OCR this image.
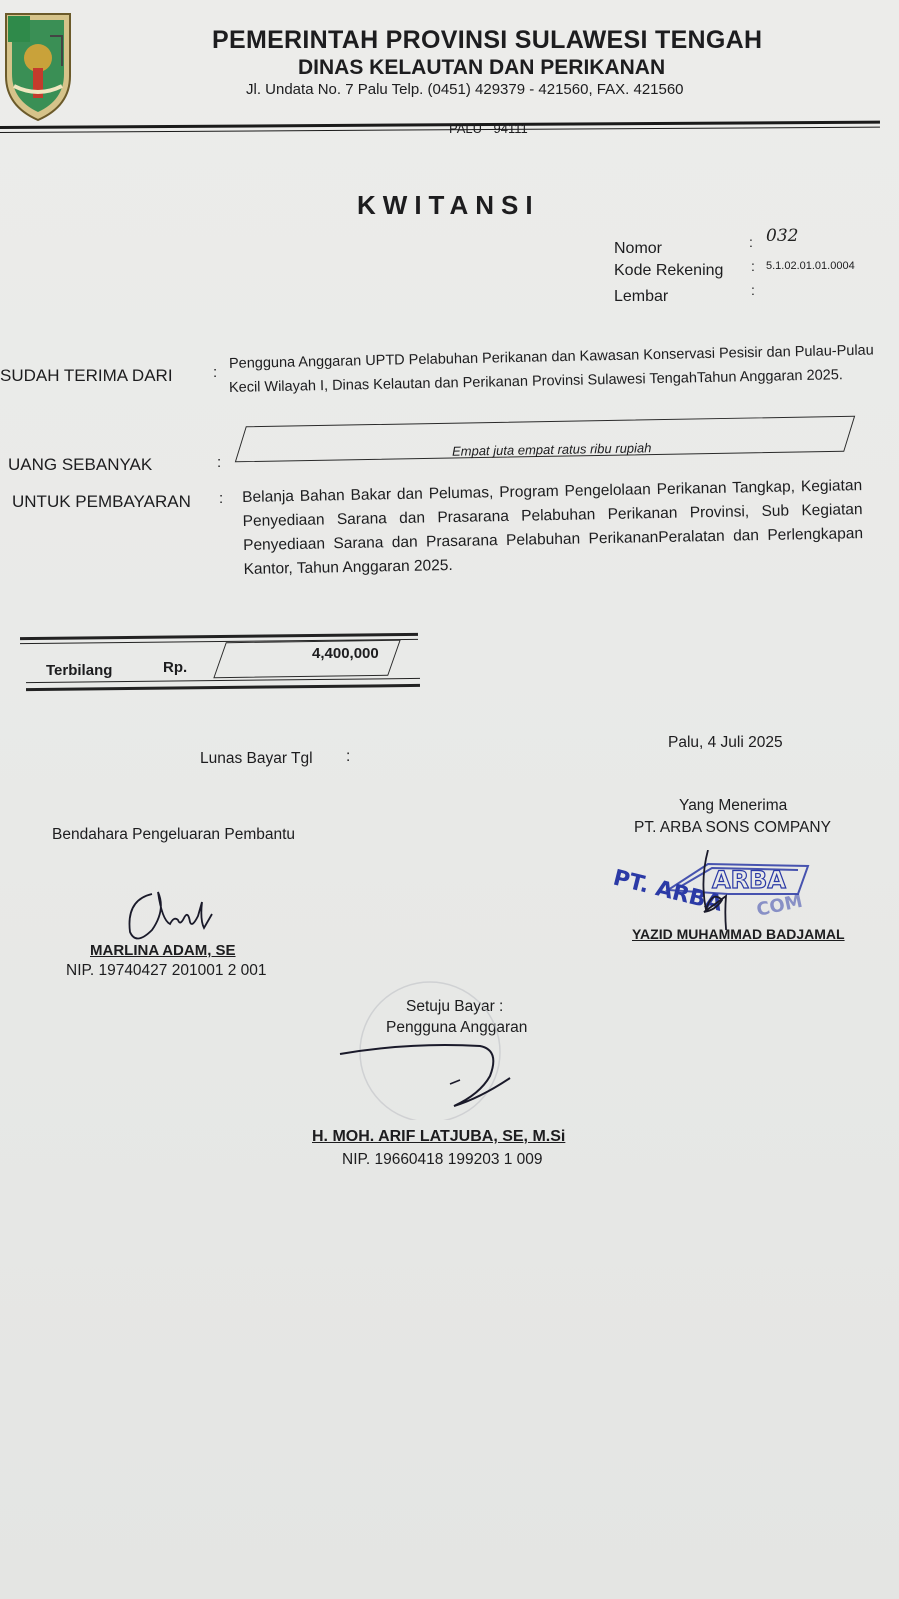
PEMERINTAH PROVINSI SULAWESI TENGAH
DINAS KELAUTAN DAN PERIKANAN
Jl. Undata No. 7 Palu Telp. (0451) 429379 - 421560, FAX. 421560
PALU - 94111
KWITANSI
Nomor	: 032
Kode Rekening : 5.1.02.01.01.0004
Lembar	:
SUDAH TERIMA DARI	:
Pengguna Anggaran UPTD Pelabuhan Perikanan dan Kawasan Konservasi Pesisir dan Pulau-Pulau
Kecil Wilayah I, Dinas Kelautan dan Perikanan Provinsi Sulawesi TengahTahun Anggaran 2025.
UANG SEBANYAK	:
Empat juta empat ratus ribu rupiah
UNTUK PEMBAYARAN : Belanja Bahan Bakar dan Pelumas, Program Pengelolaan Perikanan Tangkap, Kegiatan Penyediaan Sarana dan Prasarana Pelabuhan Perikanan Provinsi, Sub Kegiatan Penyediaan Sarana dan Prasarana Pelabuhan PerikananPeralatan dan Perlengkapan Kantor, Tahun Anggaran 2025.
Terbilang	Rp.
4,400,000
Lunas Bayar Tgl :
Palu, 4 Juli 2025
Bendahara Pengeluaran Pembantu
MARLINA ADAM, SE
NIP. 19740427 201001 2 001
Yang Menerima
PT. ARBA SONS COMPANY
PT. ARBA
ARBA
COM
YAZID MUHAMMAD BADJAMAL
Setuju Bayar :
Pengguna Anggaran
H. MOH. ARIF LATJUBA, SE, M.Si
NIP. 19660418 199203 1 009
